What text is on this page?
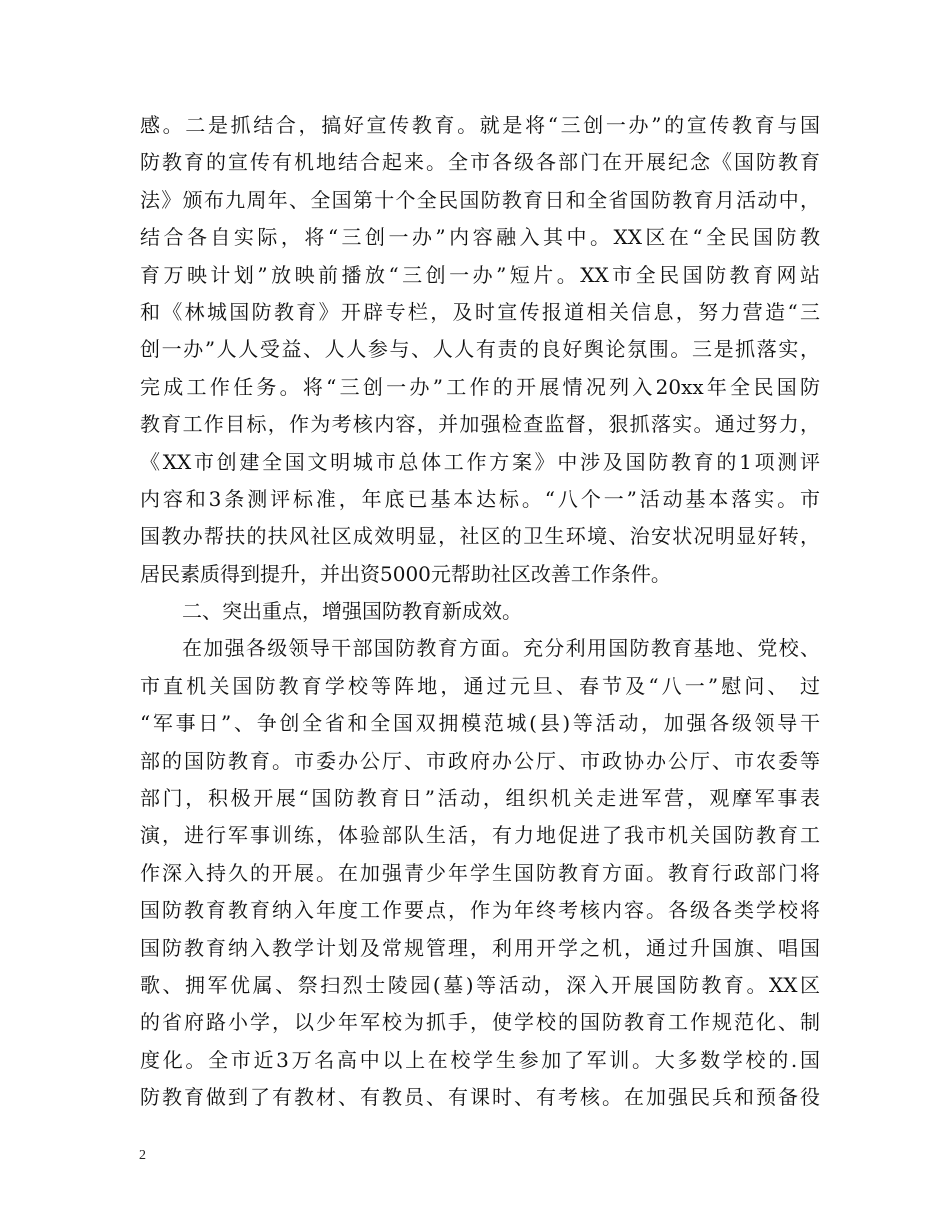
感。二是抓结合，搞好宣传教育。就是将“三创一办”的宣传教育与国
防教育的宣传有机地结合起来。全市各级各部门在开展纪念《国防教育
法》颁布九周年、全国第十个全民国防教育日和全省国防教育月活动中，
结合各自实际，将“三创一办”内容融入其中。XX区在“全民国防教
育万映计划”放映前播放“三创一办”短片。XX市全民国防教育网站
和《林城国防教育》开辟专栏，及时宣传报道相关信息，努力营造“三
创一办”人人受益、人人参与、人人有责的良好舆论氛围。三是抓落实，
完成工作任务。将“三创一办”工作的开展情况列入20xx年全民国防
教育工作目标，作为考核内容，并加强检查监督，狠抓落实。通过努力，
《XX市创建全国文明城市总体工作方案》中涉及国防教育的1项测评
内容和3条测评标准，年底已基本达标。“八个一”活动基本落实。市
国教办帮扶的扶风社区成效明显，社区的卫生环境、治安状况明显好转，
居民素质得到提升，并出资5000元帮助社区改善工作条件。
二、突出重点，增强国防教育新成效。
在加强各级领导干部国防教育方面。充分利用国防教育基地、党校、
市直机关国防教育学校等阵地，通过元旦、春节及“八一”慰问、 过
“军事日”、争创全省和全国双拥模范城(县)等活动，加强各级领导干
部的国防教育。市委办公厅、市政府办公厅、市政协办公厅、市农委等
部门，积极开展“国防教育日”活动，组织机关走进军营，观摩军事表
演，进行军事训练，体验部队生活，有力地促进了我市机关国防教育工
作深入持久的开展。在加强青少年学生国防教育方面。教育行政部门将
国防教育教育纳入年度工作要点，作为年终考核内容。各级各类学校将
国防教育纳入教学计划及常规管理，利用开学之机，通过升国旗、唱国
歌、拥军优属、祭扫烈士陵园(墓)等活动，深入开展国防教育。XX区
的省府路小学，以少年军校为抓手，使学校的国防教育工作规范化、制
度化。全市近3万名高中以上在校学生参加了军训。大多数学校的.国
防教育做到了有教材、有教员、有课时、有考核。在加强民兵和预备役
2
